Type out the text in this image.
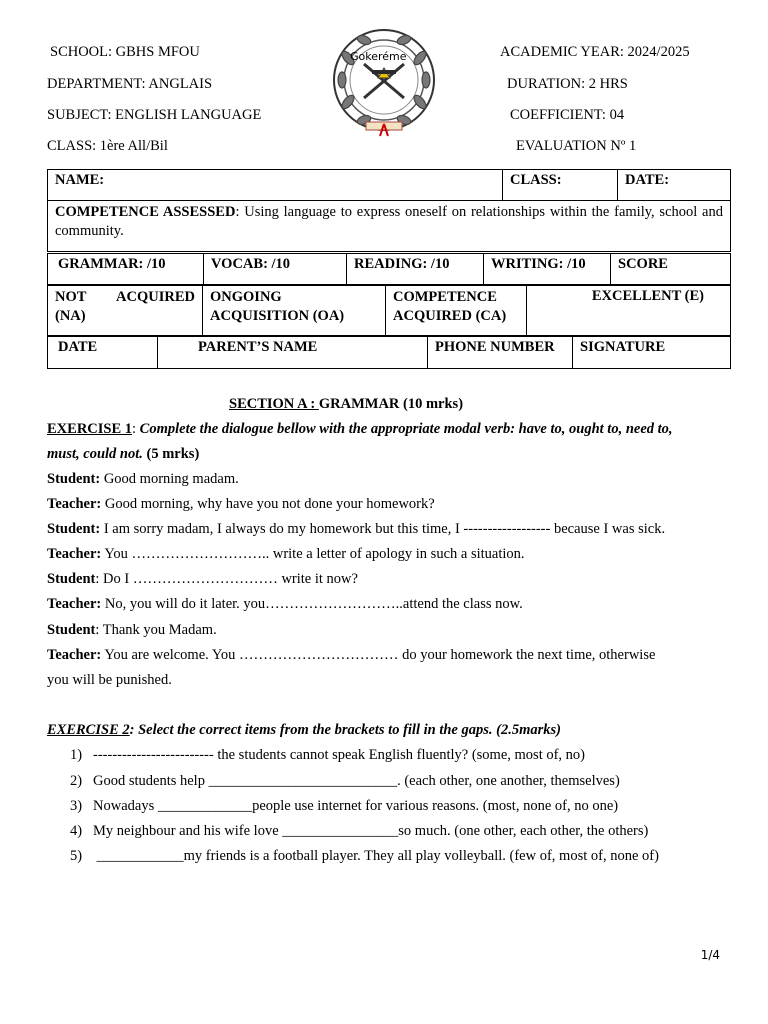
SCHOOL: GBHS MFOU
DEPARTMENT: ANGLAIS
SUBJECT: ENGLISH LANGUAGE
CLASS: 1ère All/Bil
ACADEMIC YEAR: 2024/2025
DURATION: 2 HRS
COEFFICIENT: 04
EVALUATION Nº 1
Gokeréme
NAME:	CLASS:	DATE:
COMPETENCE ASSESSED: Using language to express oneself on relationships within the family, school and community.
GRAMMAR: /10	VOCAB: /10	READING: /10	WRITING: /10	SCORE
NOT ACQUIRED (NA)	ONGOING ACQUISITION (OA)	COMPETENCE ACQUIRED (CA)	EXCELLENT (E)
DATE	PARENT’S NAME	PHONE NUMBER	SIGNATURE
SECTION A : GRAMMAR (10 mrks)
EXERCISE 1: Complete the dialogue bellow with the appropriate modal verb: have to, ought to, need to,
must, could not. (5 mrks)
Student: Good morning madam.
Teacher: Good morning, why have you not done your homework?
Student: I am sorry madam, I always do my homework but this time, I ------------------ because I was sick.
Teacher: You ……………………….. write a letter of apology in such a situation.
Student: Do I ………………………… write it now?
Teacher: No, you will do it later. you………………………..attend the class now.
Student: Thank you Madam.
Teacher: You are welcome. You …………………………… do your homework the next time, otherwise
you will be punished.
EXERCISE 2: Select the correct items from the brackets to fill in the gaps. (2.5marks)
1) ------------------------- the students cannot speak English fluently? (some, most of, no)
2) Good students help __________________________. (each other, one another, themselves)
3) Nowadays _____________people use internet for various reasons. (most, none of, no one)
4) My neighbour and his wife love ________________so much. (one other, each other, the others)
5) ____________my friends is a football player. They all play volleyball. (few of, most of, none of)
1/4
